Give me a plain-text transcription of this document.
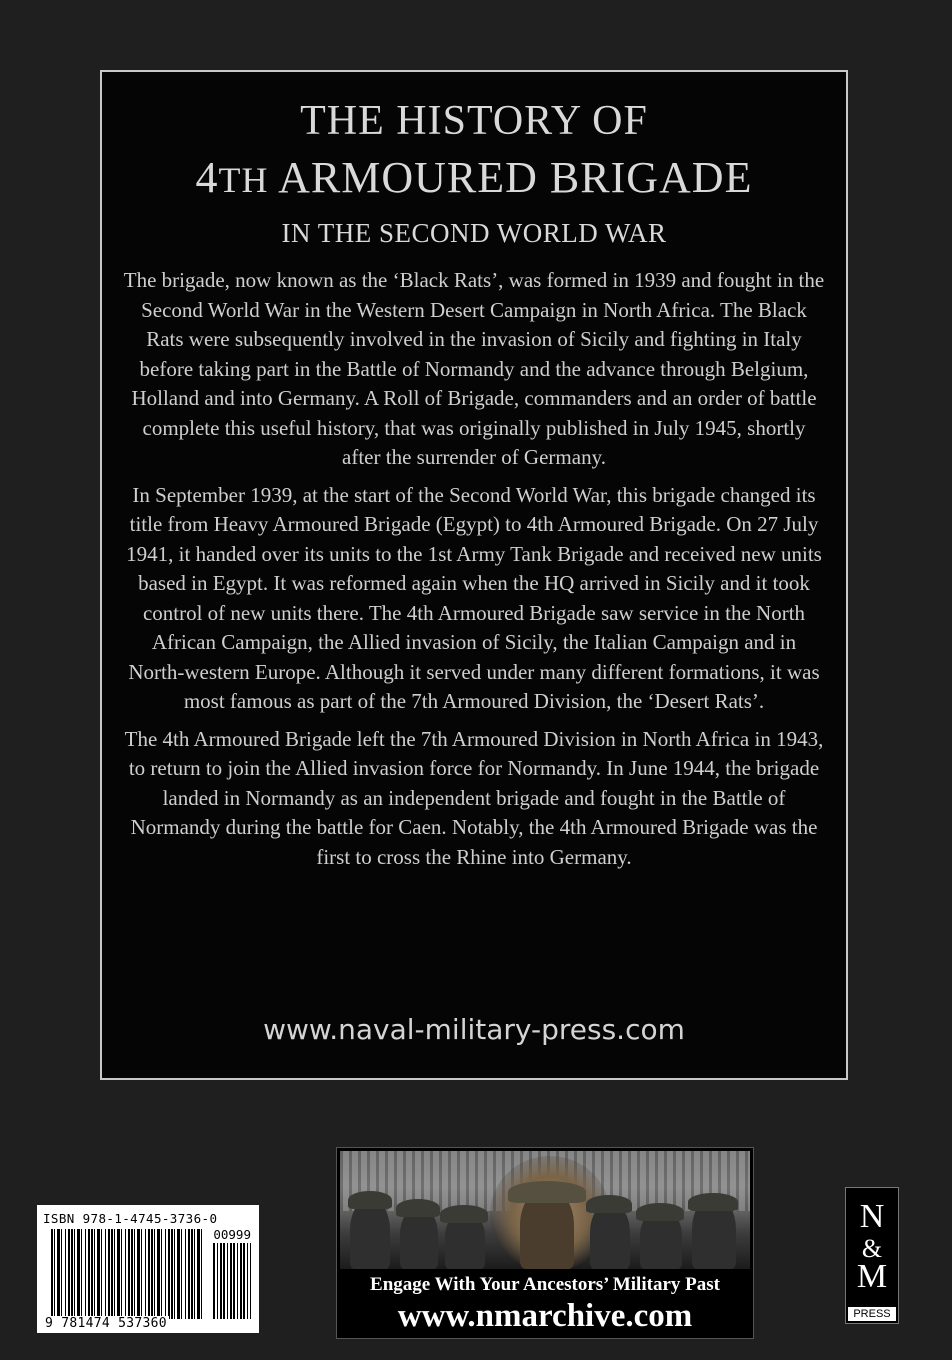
THE HISTORY OF
4TH ARMOURED BRIGADE
IN THE SECOND WORLD WAR

The brigade, now known as the ‘Black Rats’, was formed in 1939 and fought in the Second World War in the Western Desert Campaign in North Africa. The Black Rats were subsequently involved in the invasion of Sicily and fighting in Italy before taking part in the Battle of Normandy and the advance through Belgium, Holland and into Germany. A Roll of Brigade, commanders and an order of battle complete this useful history, that was originally published in July 1945, shortly after the surrender of Germany.

In September 1939, at the start of the Second World War, this brigade changed its title from Heavy Armoured Brigade (Egypt) to 4th Armoured Brigade. On 27 July 1941, it handed over its units to the 1st Army Tank Brigade and received new units based in Egypt. It was reformed again when the HQ arrived in Sicily and it took control of new units there. The 4th Armoured Brigade saw service in the North African Campaign, the Allied invasion of Sicily, the Italian Campaign and in North-western Europe. Although it served under many different formations, it was most famous as part of the 7th Armoured Division, the ‘Desert Rats’.

The 4th Armoured Brigade left the 7th Armoured Division in North Africa in 1943, to return to join the Allied invasion force for Normandy. In June 1944, the brigade landed in Normandy as an independent brigade and fought in the Battle of Normandy during the battle for Caen. Notably, the 4th Armoured Brigade was the first to cross the Rhine into Germany.

www.naval-military-press.com
ISBN 978-1-4745-3736-0
00999
9 781474 537360
Engage With Your Ancestors’ Military Past
www.nmarchive.com
N
&
M
PRESS
